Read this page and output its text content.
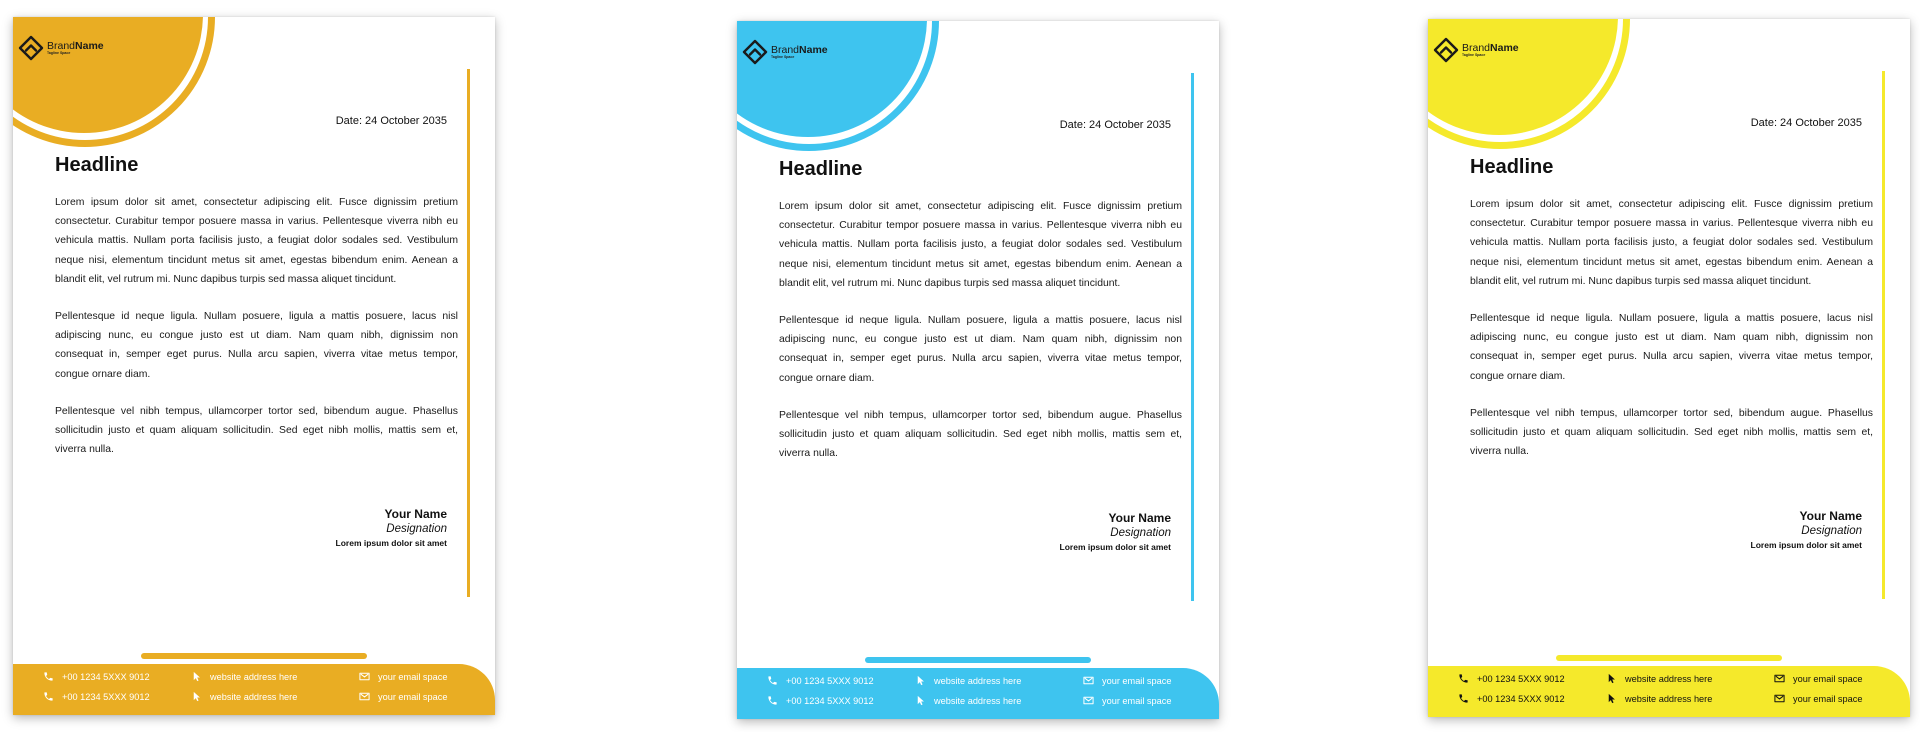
BrandName
Tagline Space
Date: 24 October 2035
Headline

Lorem ipsum dolor sit amet, consectetur adipiscing elit. Fusce dignissim pretium consectetur. Curabitur tempor posuere massa in varius. Pellentesque viverra nibh eu vehicula mattis. Nullam porta facilisis justo, a feugiat dolor sodales sed. Vestibulum neque nisi, elementum tincidunt metus sit amet, egestas bibendum enim. Aenean a blandit elit, vel rutrum mi. Nunc dapibus turpis sed massa aliquet tincidunt.

Pellentesque id neque ligula. Nullam posuere, ligula a mattis posuere, lacus nisl adipiscing nunc, eu congue justo est ut diam. Nam quam nibh, dignissim non consequat in, semper eget purus. Nulla arcu sapien, viverra vitae metus tempor, congue ornare diam.

Pellentesque vel nibh tempus, ullamcorper tortor sed, bibendum augue. Phasellus sollicitudin justo et quam aliquam sollicitudin. Sed eget nibh mollis, mattis sem et, viverra nulla.

Your Name
Designation
Lorem ipsum dolor sit amet
+00 1234 5XXX 9012	website address here	your email space
+00 1234 5XXX 9012	website address here	your email space
BrandName
Tagline Space
Date: 24 October 2035
Headline

Lorem ipsum dolor sit amet, consectetur adipiscing elit. Fusce dignissim pretium consectetur. Curabitur tempor posuere massa in varius. Pellentesque viverra nibh eu vehicula mattis. Nullam porta facilisis justo, a feugiat dolor sodales sed. Vestibulum neque nisi, elementum tincidunt metus sit amet, egestas bibendum enim. Aenean a blandit elit, vel rutrum mi. Nunc dapibus turpis sed massa aliquet tincidunt.

Pellentesque id neque ligula. Nullam posuere, ligula a mattis posuere, lacus nisl adipiscing nunc, eu congue justo est ut diam. Nam quam nibh, dignissim non consequat in, semper eget purus. Nulla arcu sapien, viverra vitae metus tempor, congue ornare diam.

Pellentesque vel nibh tempus, ullamcorper tortor sed, bibendum augue. Phasellus sollicitudin justo et quam aliquam sollicitudin. Sed eget nibh mollis, mattis sem et, viverra nulla.

Your Name
Designation
Lorem ipsum dolor sit amet
+00 1234 5XXX 9012	website address here	your email space
+00 1234 5XXX 9012	website address here	your email space
BrandName
Tagline Space
Date: 24 October 2035
Headline

Lorem ipsum dolor sit amet, consectetur adipiscing elit. Fusce dignissim pretium consectetur. Curabitur tempor posuere massa in varius. Pellentesque viverra nibh eu vehicula mattis. Nullam porta facilisis justo, a feugiat dolor sodales sed. Vestibulum neque nisi, elementum tincidunt metus sit amet, egestas bibendum enim. Aenean a blandit elit, vel rutrum mi. Nunc dapibus turpis sed massa aliquet tincidunt.

Pellentesque id neque ligula. Nullam posuere, ligula a mattis posuere, lacus nisl adipiscing nunc, eu congue justo est ut diam. Nam quam nibh, dignissim non consequat in, semper eget purus. Nulla arcu sapien, viverra vitae metus tempor, congue ornare diam.

Pellentesque vel nibh tempus, ullamcorper tortor sed, bibendum augue. Phasellus sollicitudin justo et quam aliquam sollicitudin. Sed eget nibh mollis, mattis sem et, viverra nulla.

Your Name
Designation
Lorem ipsum dolor sit amet
+00 1234 5XXX 9012	website address here	your email space
+00 1234 5XXX 9012	website address here	your email space
